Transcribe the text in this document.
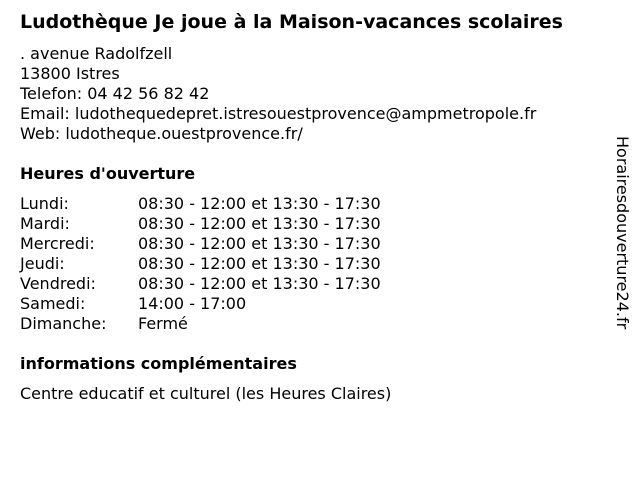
Ludothèque Je joue à la Maison-vacances scolaires
. avenue Radolfzell
13800 Istres
Telefon: 04 42 56 82 42
Email: ludothequedepret.istresouestprovence@ampmetropole.fr
Web: ludotheque.ouestprovence.fr/
Heures d'ouverture
Lundi:	08:30 - 12:00 et 13:30 - 17:30
Mardi:	08:30 - 12:00 et 13:30 - 17:30
Mercredi:	08:30 - 12:00 et 13:30 - 17:30
Jeudi:	08:30 - 12:00 et 13:30 - 17:30
Vendredi:	08:30 - 12:00 et 13:30 - 17:30
Samedi:	14:00 - 17:00
Dimanche: Fermé
informations complémentaires
Centre educatif et culturel (les Heures Claires)
Horairesdouverture24.fr
